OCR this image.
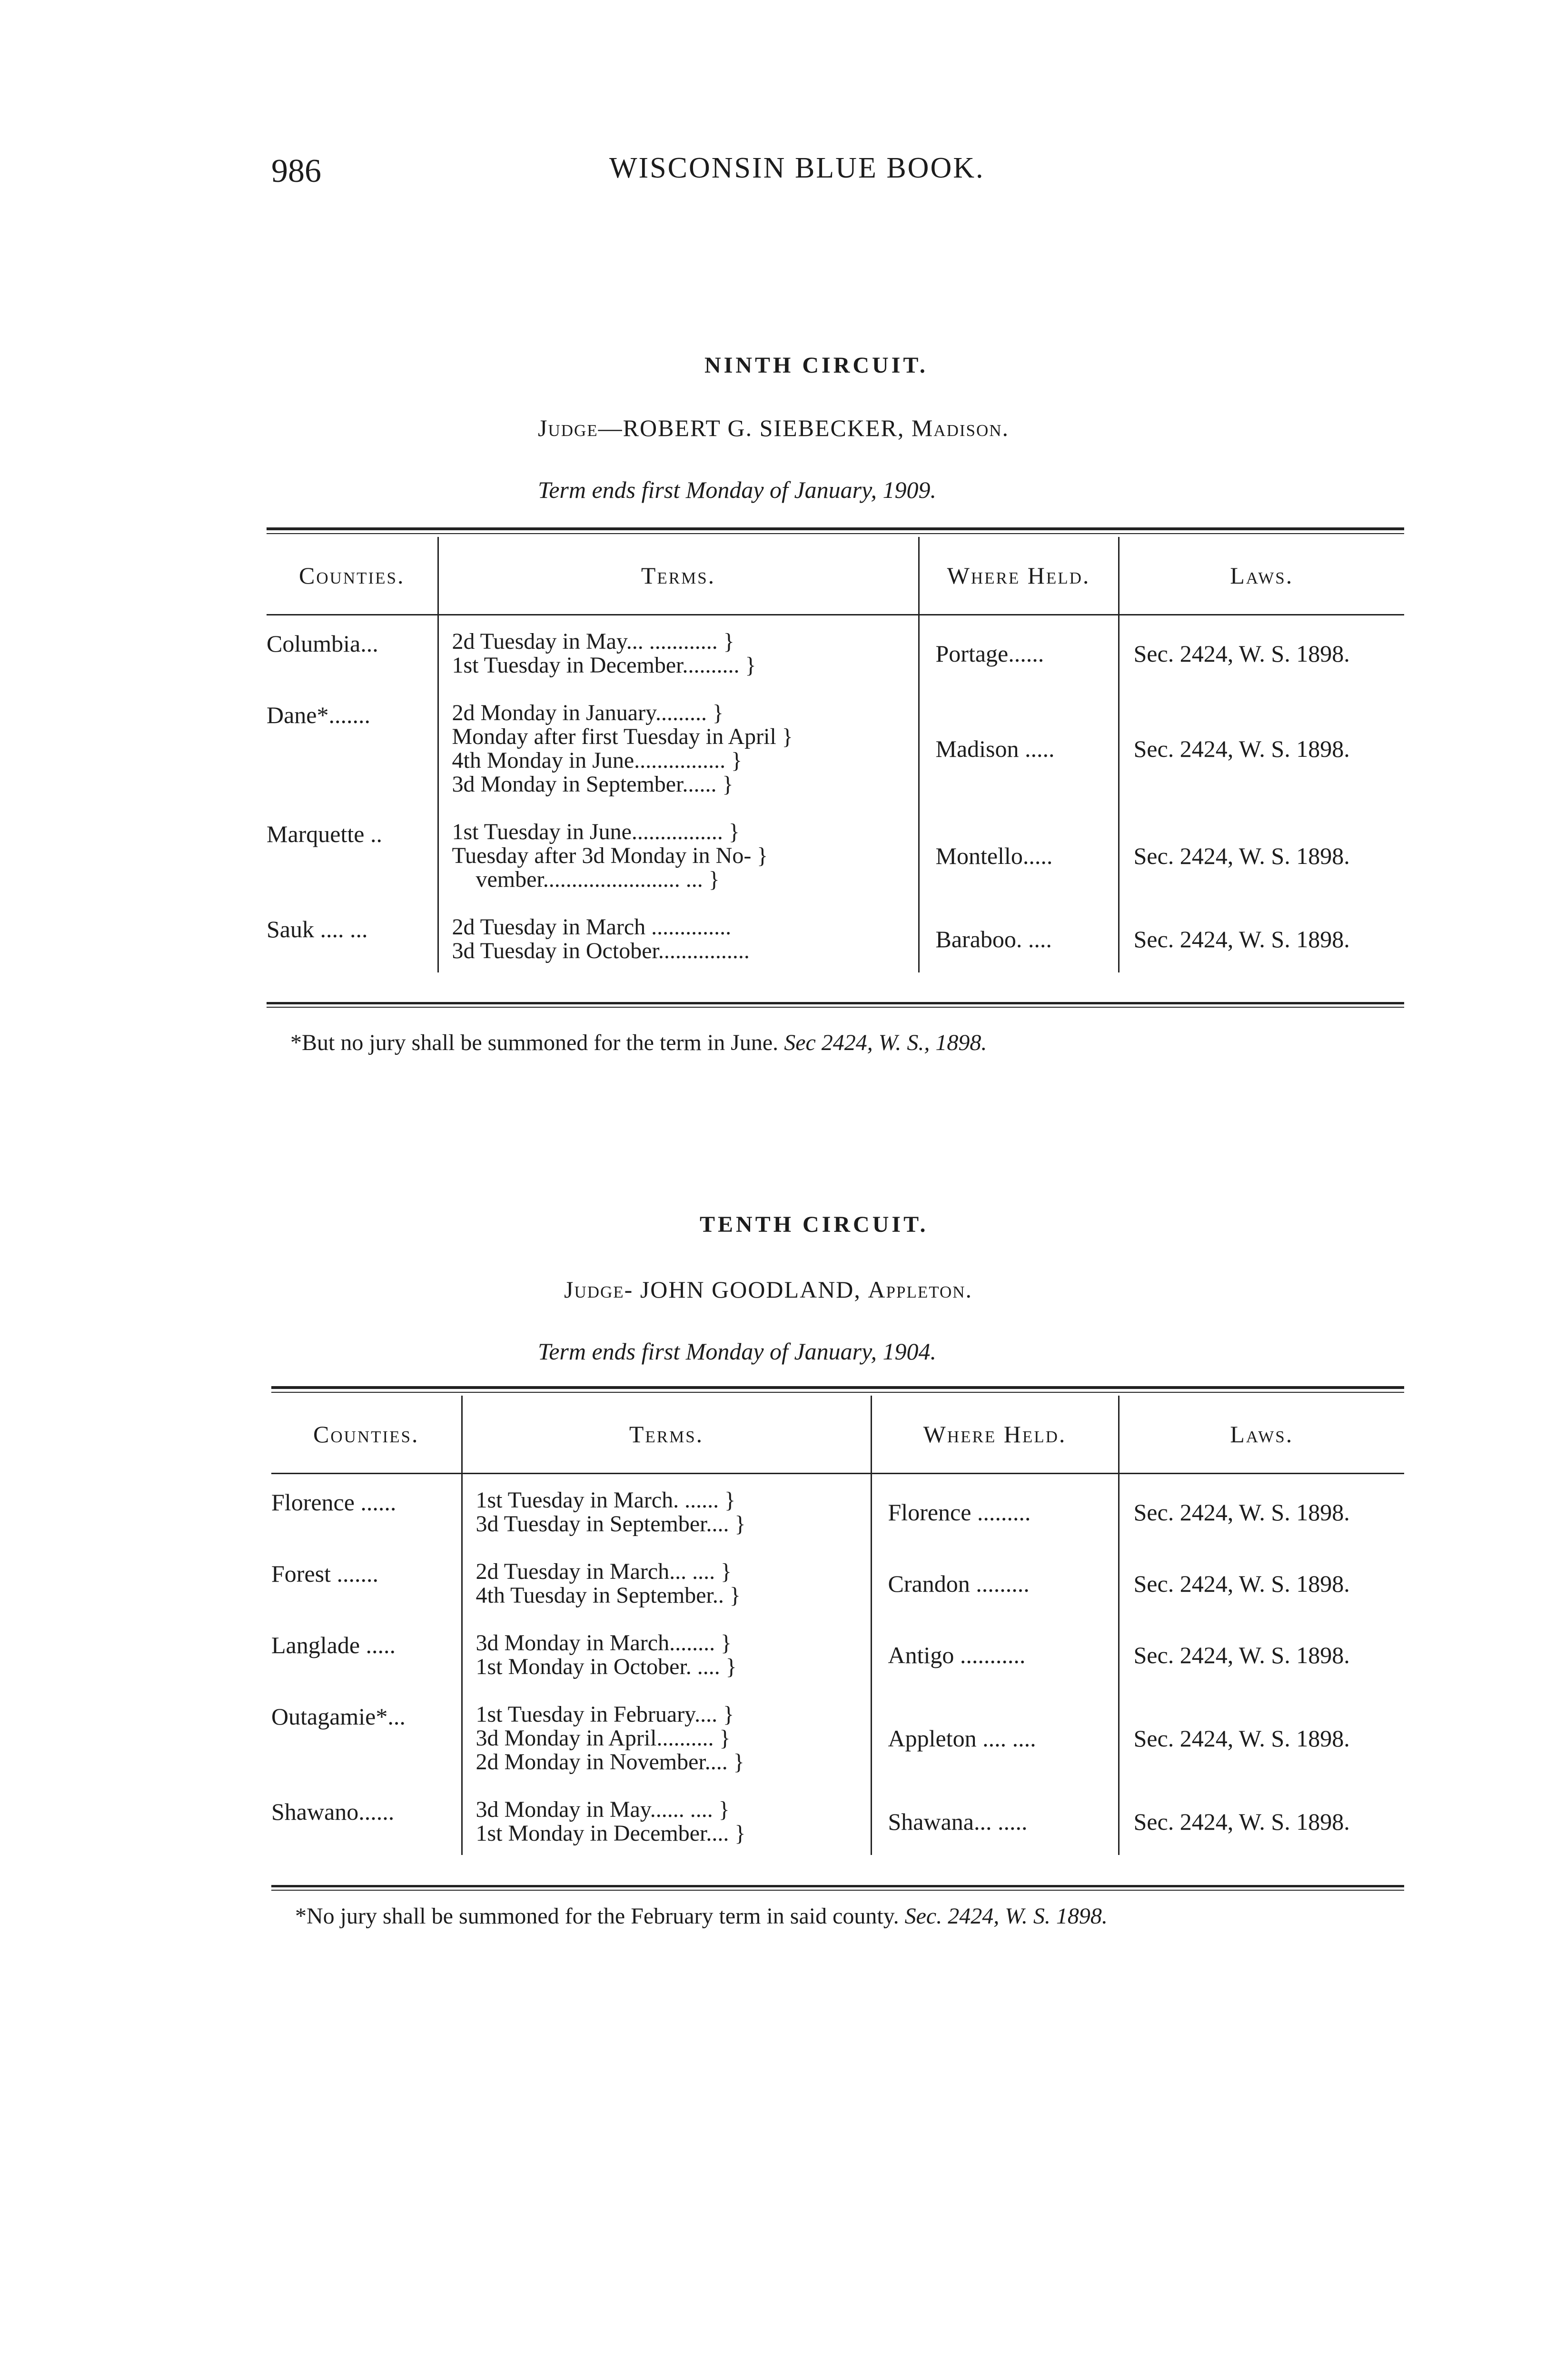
986	WISCONSIN BLUE BOOK.
NINTH CIRCUIT.
Judge—ROBERT G. SIEBECKER, Madison.
Term ends first Monday of January, 1909.
Counties.	Terms.	Where Held.	Laws.
Columbia...	2d Tuesday in May... ............ }
1st Tuesday in December.......... }	Portage......	Sec. 2424, W. S. 1898.
Dane*.......	2d Monday in January......... }
Monday after first Tuesday in April }
4th Monday in June................ }
3d Monday in September...... }	Madison .....	Sec. 2424, W. S. 1898.
Marquette ..	1st Tuesday in June................ }
Tuesday after 3d Monday in No- }
vember........................ ... }	Montello.....	Sec. 2424, W. S. 1898.
Sauk .... ...	2d Tuesday in March ..............
3d Tuesday in October................	Baraboo. ....	Sec. 2424, W. S. 1898.
*But no jury shall be summoned for the term in June. Sec 2424, W. S., 1898.
TENTH CIRCUIT.
Judge- JOHN GOODLAND, Appleton.
Term ends first Monday of January, 1904.
Counties.	Terms.	Where Held.	Laws.
Florence ......	1st Tuesday in March. ...... }
3d Tuesday in September.... }	Florence .........	Sec. 2424, W. S. 1898.
Forest .......	2d Tuesday in March... .... }
4th Tuesday in September.. }	Crandon .........	Sec. 2424, W. S. 1898.
Langlade .....	3d Monday in March........ }
1st Monday in October. .... }	Antigo ...........	Sec. 2424, W. S. 1898.
Outagamie*...	1st Tuesday in February.... }
3d Monday in April.......... }
2d Monday in November.... }	Appleton .... ....	Sec. 2424, W. S. 1898.
Shawano......	3d Monday in May...... .... }
1st Monday in December.... }	Shawana... .....	Sec. 2424, W. S. 1898.
*No jury shall be summoned for the February term in said county. Sec. 2424, W. S. 1898.
